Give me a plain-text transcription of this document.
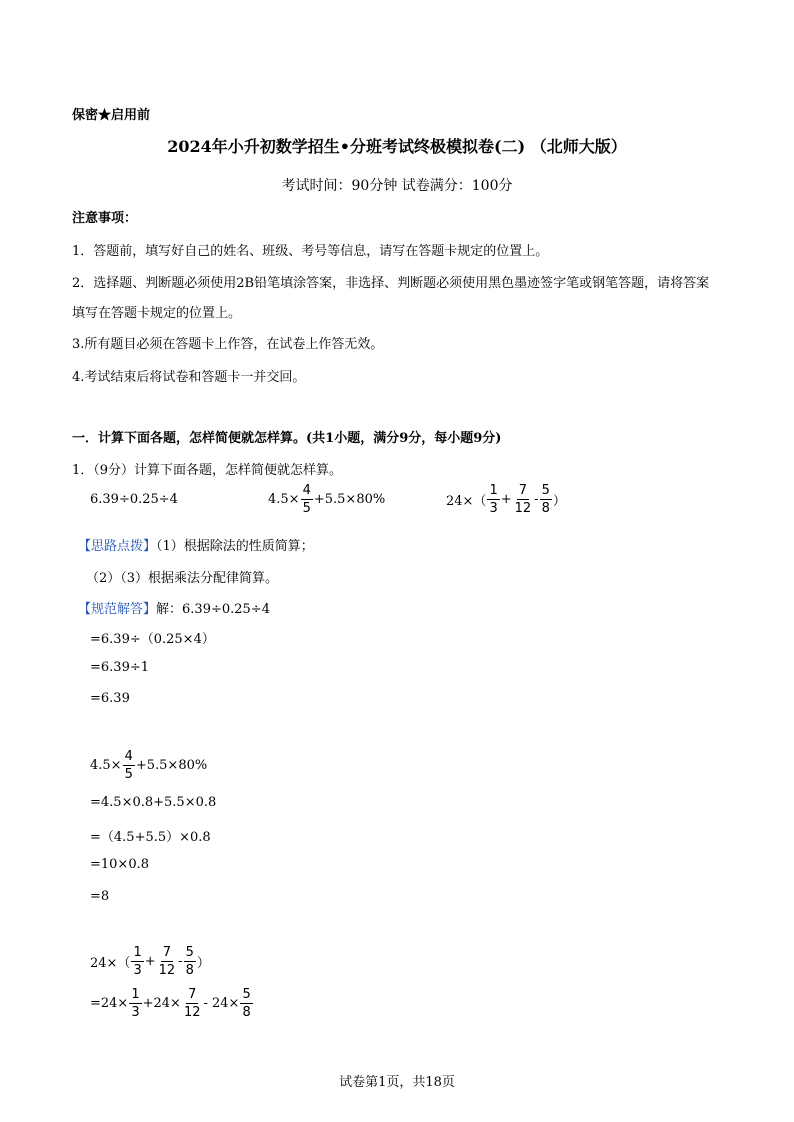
保密★启用前
2024年小升初数学招生•分班考试终极模拟卷(二) （北师大版）
考试时间：90分钟 试卷满分：100分
注意事项：
1．答题前，填写好自己的姓名、班级、考号等信息，请写在答题卡规定的位置上。
2．选择题、判断题必须使用2B铅笔填涂答案，非选择、判断题必须使用黑色墨迹签字笔或钢笔答题，请将答案
填写在答题卡规定的位置上。
3.所有题目必须在答题卡上作答，在试卷上作答无效。
4.考试结束后将试卷和答题卡一并交回。
一．计算下面各题，怎样简便就怎样算。(共1小题，满分9分，每小题9分)
1．（9分）计算下面各题，怎样简便就怎样算。
6.39÷0.25÷4	$4.5\times \frac{4}{5} +5.5\times 80\%$	$24\times( \frac{1}{3} + \frac{7}{12} - \frac{5}{8}$ ）
【思路点拨】（1）根据除法的性质简算；
（2）（3）根据乘法分配律简算。
【规范解答】解：6.39÷0.25÷4
=6.39÷（0.25×4）
=6.39÷1
=6.39
$4.5\times \frac{4}{5} +5.5\times 80\%$
=4.5×0.8+5.5×0.8
=（4.5+5.5）×0.8
=10×0.8
=8
$24\times( \frac{1}{3} + \frac{7}{12} - \frac{5}{8}$ ）
$=24\times \frac{1}{3} +24\times \frac{7}{12} - 24\times \frac{5}{8}$
试卷第1页，共18页
